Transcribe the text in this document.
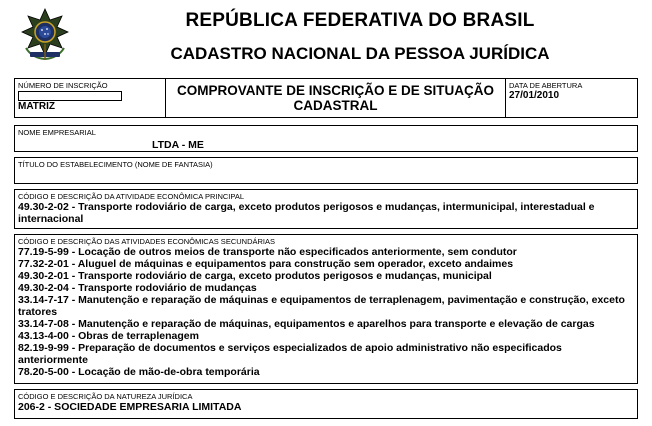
REPÚBLICA FEDERATIVA DO BRASIL
CADASTRO NACIONAL DA PESSOA JURÍDICA
NÚMERO DE INSCRIÇÃO
MATRIZ
COMPROVANTE DE INSCRIÇÃO E DE SITUAÇÃO CADASTRAL
DATA DE ABERTURA
27/01/2010
NOME EMPRESARIAL
LTDA - ME
TÍTULO DO ESTABELECIMENTO (NOME DE FANTASIA)
CÓDIGO E DESCRIÇÃO DA ATIVIDADE ECONÔMICA PRINCIPAL
49.30-2-02 - Transporte rodoviário de carga, exceto produtos perigosos e mudanças, intermunicipal, interestadual e internacional
CÓDIGO E DESCRIÇÃO DAS ATIVIDADES ECONÔMICAS SECUNDÁRIAS
77.19-5-99 - Locação de outros meios de transporte não especificados anteriormente, sem condutor
77.32-2-01 - Aluguel de máquinas e equipamentos para construção sem operador, exceto andaimes
49.30-2-01 - Transporte rodoviário de carga, exceto produtos perigosos e mudanças, municipal
49.30-2-04 - Transporte rodoviário de mudanças
33.14-7-17 - Manutenção e reparação de máquinas e equipamentos de terraplenagem, pavimentação e construção, exceto tratores
33.14-7-08 - Manutenção e reparação de máquinas, equipamentos e aparelhos para transporte e elevação de cargas
43.13-4-00 - Obras de terraplenagem
82.19-9-99 - Preparação de documentos e serviços especializados de apoio administrativo não especificados anteriormente
78.20-5-00 - Locação de mão-de-obra temporária
CÓDIGO E DESCRIÇÃO DA NATUREZA JURÍDICA
206-2 - SOCIEDADE EMPRESARIA LIMITADA
